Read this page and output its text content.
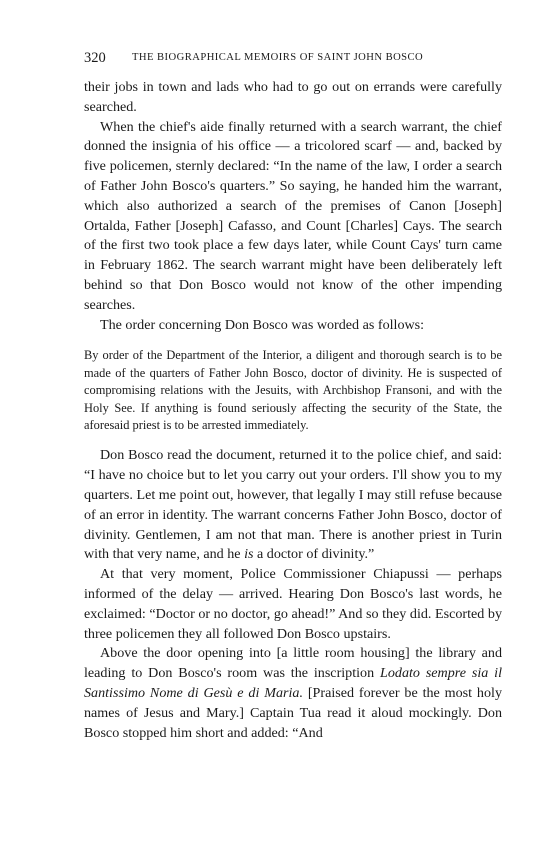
320 THE BIOGRAPHICAL MEMOIRS OF SAINT JOHN BOSCO

their jobs in town and lads who had to go out on errands were carefully searched.

When the chief's aide finally returned with a search warrant, the chief donned the insignia of his office — a tricolored scarf — and, backed by five policemen, sternly declared: “In the name of the law, I order a search of Father John Bosco's quarters.” So saying, he handed him the warrant, which also authorized a search of the premises of Canon [Joseph] Ortalda, Father [Joseph] Cafasso, and Count [Charles] Cays. The search of the first two took place a few days later, while Count Cays' turn came in February 1862. The search warrant might have been deliberately left behind so that Don Bosco would not know of the other impending searches.

The order concerning Don Bosco was worded as follows:

By order of the Department of the Interior, a diligent and thorough search is to be made of the quarters of Father John Bosco, doctor of divinity. He is suspected of compromising relations with the Jesuits, with Archbishop Fransoni, and with the Holy See. If anything is found seriously affecting the security of the State, the aforesaid priest is to be arrested immediately.

Don Bosco read the document, returned it to the police chief, and said: “I have no choice but to let you carry out your orders. I'll show you to my quarters. Let me point out, however, that legally I may still refuse because of an error in identity. The warrant concerns Father John Bosco, doctor of divinity. Gentlemen, I am not that man. There is another priest in Turin with that very name, and he is a doctor of divinity.”

At that very moment, Police Commissioner Chiapussi — perhaps informed of the delay — arrived. Hearing Don Bosco's last words, he exclaimed: “Doctor or no doctor, go ahead!” And so they did. Escorted by three policemen they all followed Don Bosco upstairs.

Above the door opening into [a little room housing] the library and leading to Don Bosco's room was the inscription Lodato sempre sia il Santissimo Nome di Gesù e di Maria. [Praised forever be the most holy names of Jesus and Mary.] Captain Tua read it aloud mockingly. Don Bosco stopped him short and added: “And
